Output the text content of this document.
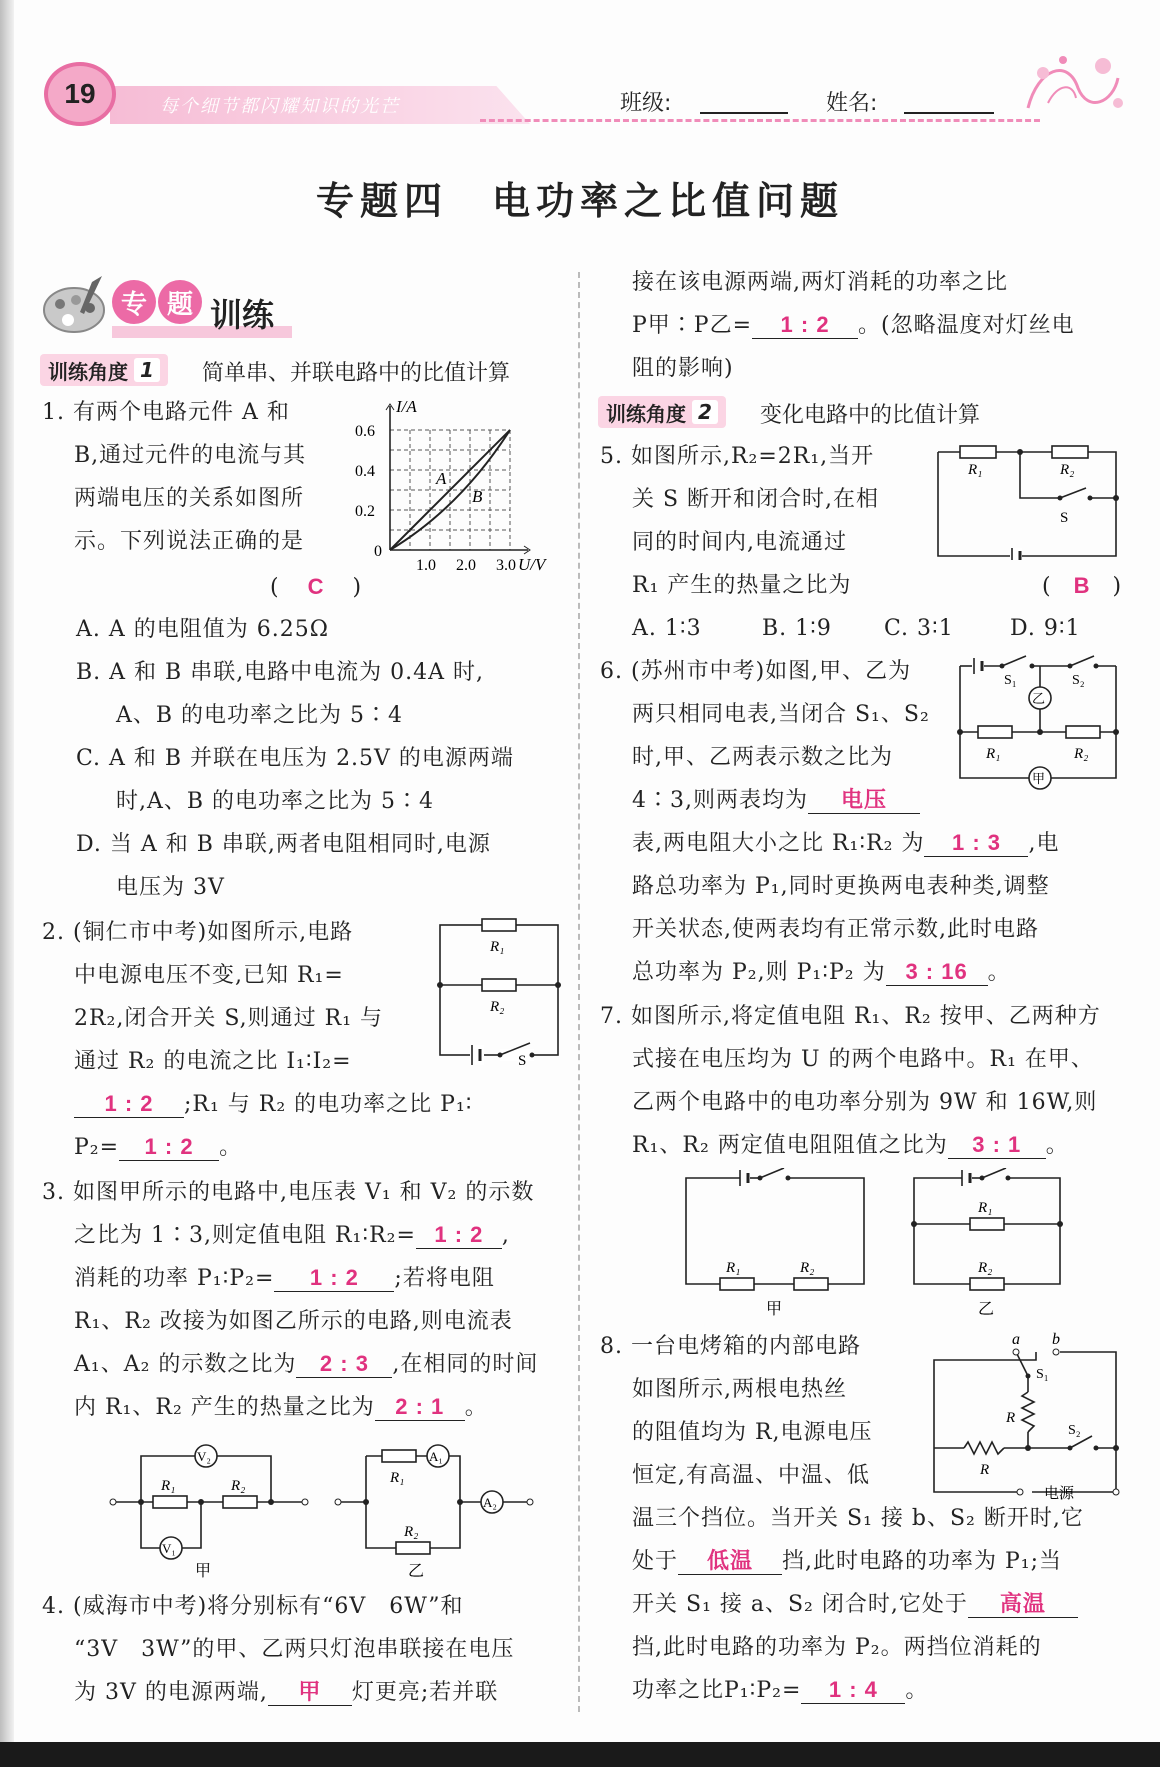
19	每个细节都闪耀知识的光芒	班级:	姓名:
专题四　电功率之比值问题
专 题 训练
训练角度 1 简单串、并联电路中的比值计算
1. 有两个电路元件 A 和
B,通过元件的电流与其
两端电压的关系如图所
示。下列说法正确的是
( C )
A. A 的电阻值为 6.25Ω
B. A 和 B 串联,电路中电流为 0.4A 时,
A、B 的电功率之比为 5∶4
C. A 和 B 并联在电压为 2.5V 的电源两端
时,A、B 的电功率之比为 5∶4
D. 当 A 和 B 串联,两者电阻相同时,电源
电压为 3V
I/A
U/V
0.6
0.4
0.2
0
1.0 2.0 3.0
A
B
2. (铜仁市中考)如图所示,电路
中电源电压不变,已知 R₁=
2R₂,闭合开关 S,则通过 R₁ 与
通过 R₂ 的电流之比 I₁∶I₂=
1 : 2 ;R₁ 与 R₂ 的电功率之比 P₁∶
P₂= 1 : 2 。
R₁
R₂
S
3. 如图甲所示的电路中,电压表 V₁ 和 V₂ 的示数
之比为 1∶3,则定值电阻 R₁∶R₂= 1 : 2 ,
消耗的功率 P₁∶P₂= 1 : 2 ;若将电阻
R₁、R₂ 改接为如图乙所示的电路,则电流表
A₁、A₂ 的示数之比为 2 : 3 ,在相同的时间
内 R₁、R₂ 产生的热量之比为 2 : 1 。
V₂
V₁
R₁	R₂
甲
A₁
A₂
R₁
R₂
乙
4. (威海市中考)将分别标有“6V　6W”和
“3V　3W”的甲、乙两只灯泡串联接在电压
为 3V 的电源两端, 甲 灯更亮;若并联
接在该电源两端,两灯消耗的功率之比
P甲∶P乙= 1 : 2 。(忽略温度对灯丝电
阻的影响)
训练角度 2 变化电路中的比值计算
5. 如图所示,R₂=2R₁,当开
关 S 断开和闭合时,在相
同的时间内,电流通过
R₁ 产生的热量之比为	( B )
A. 1∶3	B. 1∶9 C. 3∶1	D. 9∶1
R₁	R₂
S
6. (苏州市中考)如图,甲、乙为
两只相同电表,当闭合 S₁、S₂
时,甲、乙两表示数之比为
4∶3,则两表均为 电压
表,两电阻大小之比 R₁∶R₂ 为 1 : 3 ,电
路总功率为 P₁,同时更换两电表种类,调整
开关状态,使两表均有正常示数,此时电路
总功率为 P₂,则 P₁∶P₂ 为 3 : 16 。
乙
甲
S₁	S₂
R₁	R₂
7. 如图所示,将定值电阻 R₁、R₂ 按甲、乙两种方
式接在电压均为 U 的两个电路中。R₁ 在甲、
乙两个电路中的电功率分别为 9W 和 16W,则
R₁、R₂ 两定值电阻阻值之比为 3 : 1 。
R₁	R₂
甲
R₁
R₂
乙
8. 一台电烤箱的内部电路
如图所示,两根电热丝
的阻值均为 R,电源电压
恒定,有高温、中温、低
温三个挡位。当开关 S₁ 接 b、S₂ 断开时,它
处于 低温 挡,此时电路的功率为 P₁;当
开关 S₁ 接 a、S₂ 闭合时,它处于 高温
挡,此时电路的功率为 P₂。两挡位消耗的
功率之比P₁∶P₂= 1 : 4 。
a b
S₁
S₂
R
R
电源
